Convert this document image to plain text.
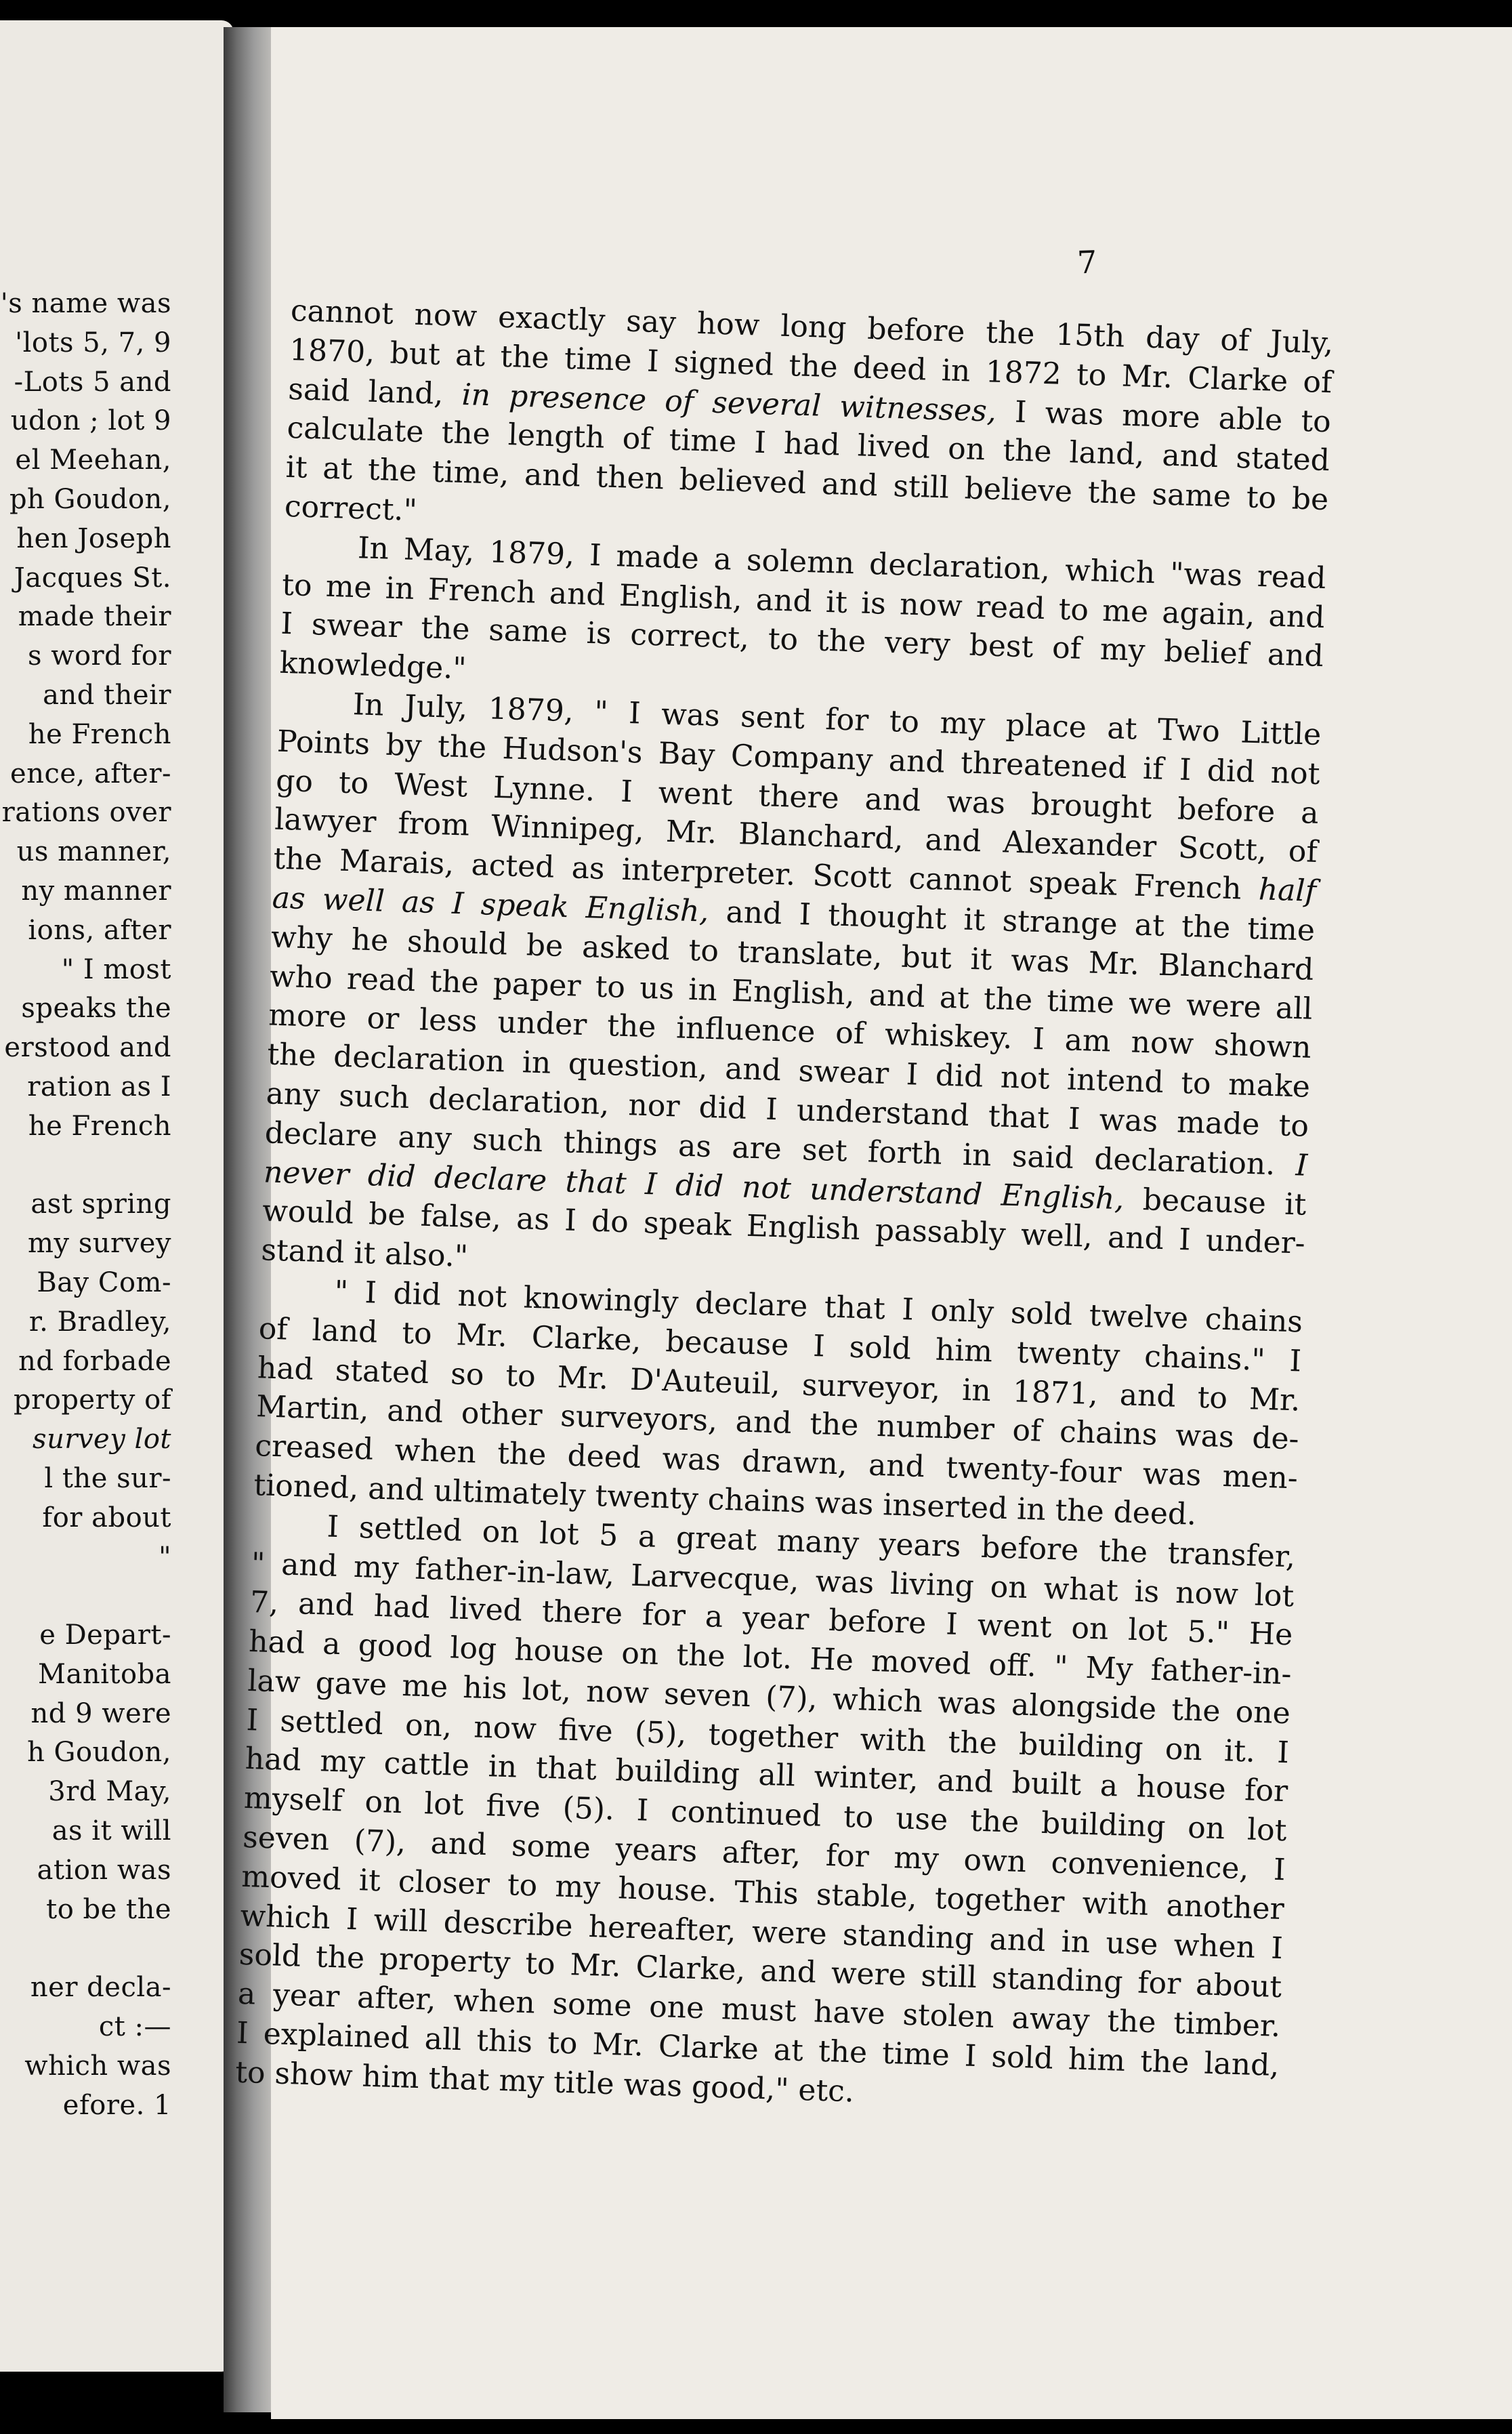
's name was
'lots 5, 7, 9
-Lots 5 and
udon ; lot 9
el Meehan,
ph Goudon,
hen Joseph
Jacques St.
made their
s word for
and their
he French
ence, after-
rations over
us manner,
ny manner
ions, after
" I most
speaks the
erstood and
ration as I
he French
ast spring
my survey
Bay Com-
r. Bradley,
nd forbade
property of
survey lot
l the sur-
for about
"
e Depart-
Manitoba
nd 9 were
h Goudon,
3rd May,
as it will
ation was
to be the
ner decla-
ct :—
which was
efore. 1
7
cannot now exactly say how long before the 15th day of July,
1870, but at the time I signed the deed in 1872 to Mr. Clarke of
said land, in presence of several witnesses, I was more able to
calculate the length of time I had lived on the land, and stated
it at the time, and then believed and still believe the same to be
correct."
In May, 1879, I made a solemn declaration, which "was read
to me in French and English, and it is now read to me again, and
I swear the same is correct, to the very best of my belief and
knowledge."
In July, 1879, " I was sent for to my place at Two Little
Points by the Hudson's Bay Company and threatened if I did not
go to West Lynne. I went there and was brought before a
lawyer from Winnipeg, Mr. Blanchard, and Alexander Scott, of
the Marais, acted as interpreter. Scott cannot speak French half
as well as I speak English, and I thought it strange at the time
why he should be asked to translate, but it was Mr. Blanchard
who read the paper to us in English, and at the time we were all
more or less under the influence of whiskey. I am now shown
the declaration in question, and swear I did not intend to make
any such declaration, nor did I understand that I was made to
declare any such things as are set forth in said declaration. I
never did declare that I did not understand English, because it
would be false, as I do speak English passably well, and I under-
stand it also."
" I did not knowingly declare that I only sold twelve chains
of land to Mr. Clarke, because I sold him twenty chains." I
had stated so to Mr. D'Auteuil, surveyor, in 1871, and to Mr.
Martin, and other surveyors, and the number of chains was de-
creased when the deed was drawn, and twenty-four was men-
tioned, and ultimately twenty chains was inserted in the deed.
I settled on lot 5 a great many years before the transfer,
" and my father-in-law, Larvecque, was living on what is now lot
7, and had lived there for a year before I went on lot 5." He
had a good log house on the lot. He moved off. " My father-in-
law gave me his lot, now seven (7), which was alongside the one
I settled on, now five (5), together with the building on it. I
had my cattle in that building all winter, and built a house for
myself on lot five (5). I continued to use the building on lot
seven (7), and some years after, for my own convenience, I
moved it closer to my house. This stable, together with another
which I will describe hereafter, were standing and in use when I
sold the property to Mr. Clarke, and were still standing for about
a year after, when some one must have stolen away the timber.
I explained all this to Mr. Clarke at the time I sold him the land,
to show him that my title was good," etc.
